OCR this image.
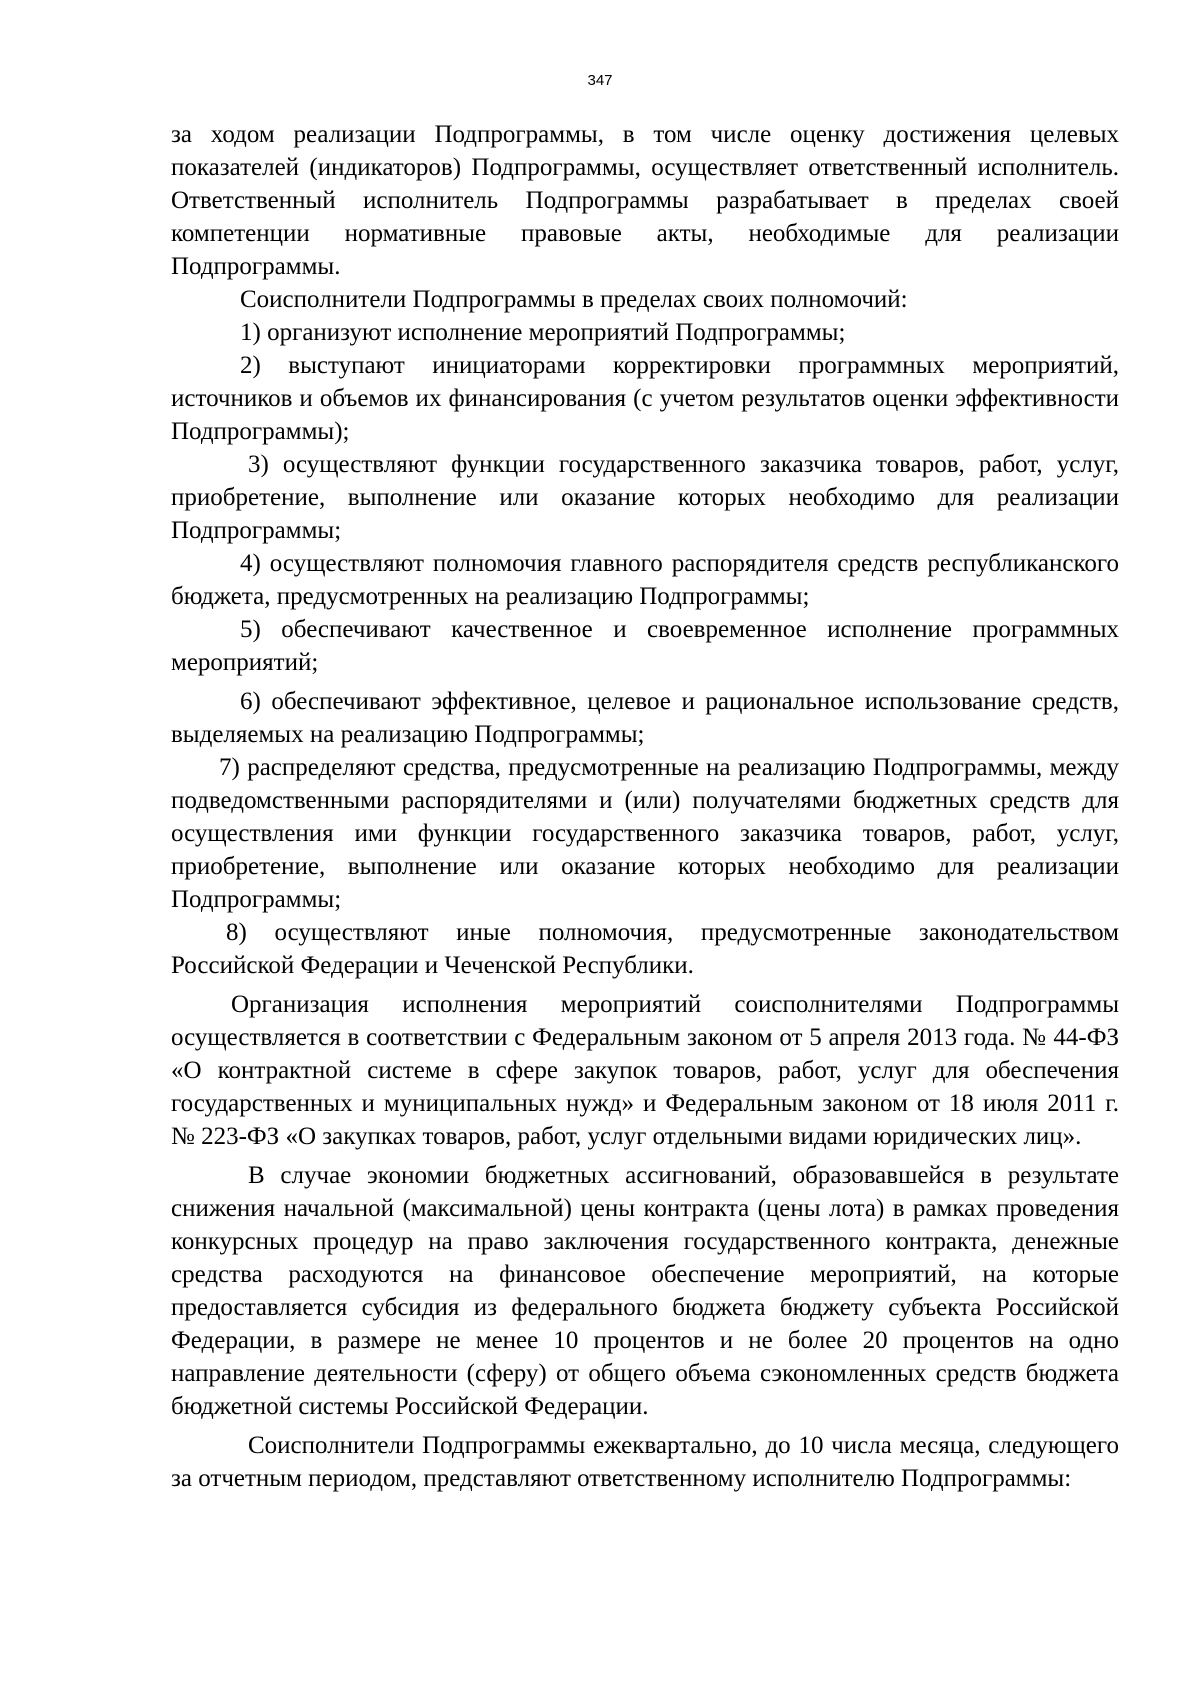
347

за ходом реализации Подпрограммы, в том числе оценку достижения целевых показателей (индикаторов) Подпрограммы, осуществляет ответственный исполнитель. Ответственный исполнитель Подпрограммы разрабатывает в пределах своей компетенции нормативные правовые акты, необходимые для реализации Подпрограммы.

Соисполнители Подпрограммы в пределах своих полномочий:

1) организуют исполнение мероприятий Подпрограммы;

2) выступают инициаторами корректировки программных мероприятий, источников и объемов их финансирования (с учетом результатов оценки эффективности Подпрограммы);

3) осуществляют функции государственного заказчика товаров, работ, услуг, приобретение, выполнение или оказание которых необходимо для реализации Подпрограммы;

4) осуществляют полномочия главного распорядителя средств республиканского бюджета, предусмотренных на реализацию Подпрограммы;

5) обеспечивают качественное и своевременное исполнение программных мероприятий;

6) обеспечивают эффективное, целевое и рациональное использование средств, выделяемых на реализацию Подпрограммы;

7) распределяют средства, предусмотренные на реализацию Подпрограммы, между подведомственными распорядителями и (или) получателями бюджетных средств для осуществления ими функции государственного заказчика товаров, работ, услуг, приобретение, выполнение или оказание которых необходимо для реализации Подпрограммы;

8) осуществляют иные полномочия, предусмотренные законодательством Российской Федерации и Чеченской Республики.

Организация исполнения мероприятий соисполнителями Подпрограммы осуществляется в соответствии с Федеральным законом от 5 апреля 2013 года. № 44-ФЗ «О контрактной системе в сфере закупок товаров, работ, услуг для обеспечения государственных и муниципальных нужд» и Федеральным законом от 18 июля 2011 г. № 223-ФЗ «О закупках товаров, работ, услуг отдельными видами юридических лиц».

В случае экономии бюджетных ассигнований, образовавшейся в результате снижения начальной (максимальной) цены контракта (цены лота) в рамках проведения конкурсных процедур на право заключения государственного контракта, денежные средства расходуются на финансовое обеспечение мероприятий, на которые предоставляется субсидия из федерального бюджета бюджету субъекта Российской Федерации, в размере не менее 10 процентов и не более 20 процентов на одно направление деятельности (сферу) от общего объема сэкономленных средств бюджета бюджетной системы Российской Федерации.

Соисполнители Подпрограммы ежеквартально, до 10 числа месяца, следующего за отчетным периодом, представляют ответственному исполнителю Подпрограммы:
